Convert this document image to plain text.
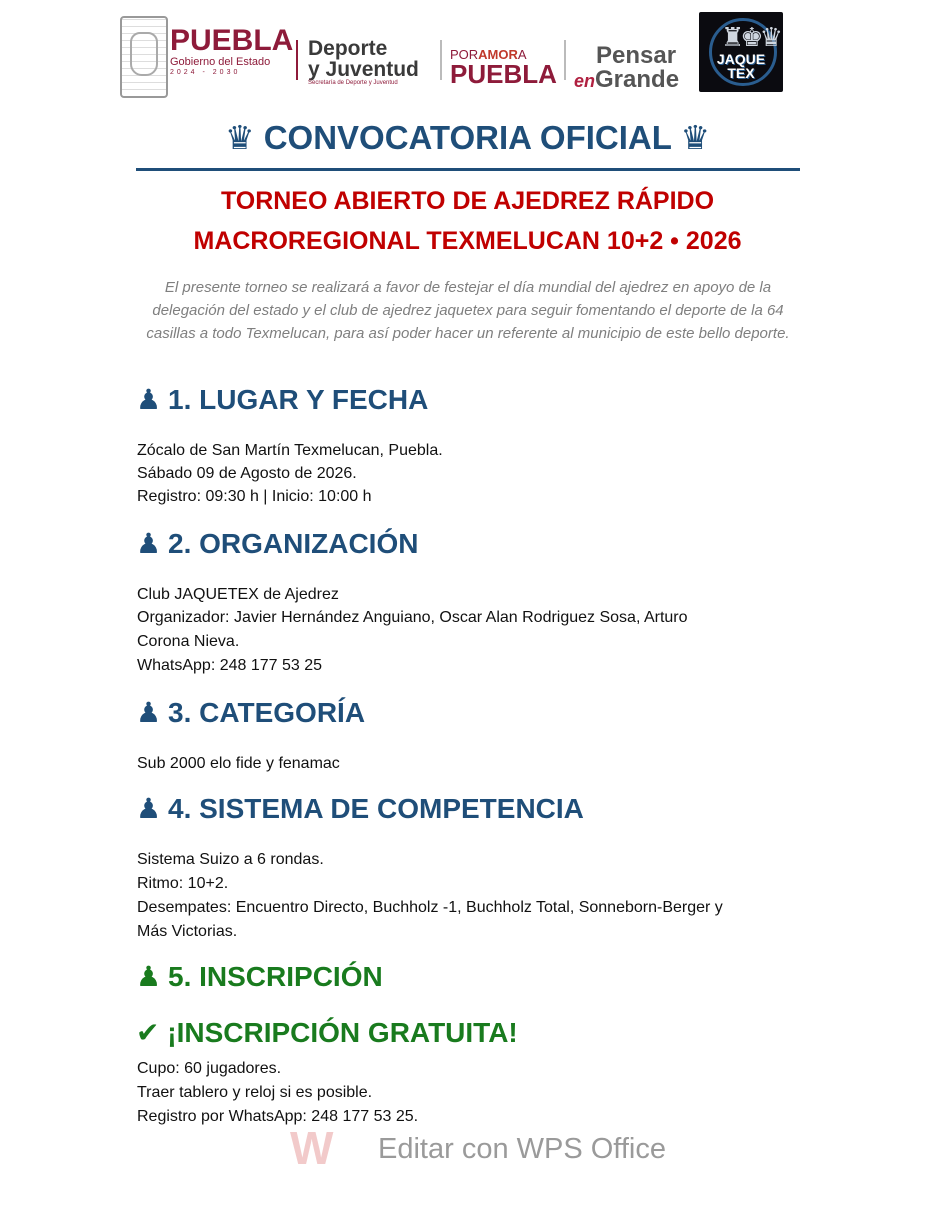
PUEBLA
Gobierno del Estado
2024 - 2030
Deporte
y Juventud
Secretaría de Deporte y Juventud
PORAMORA
PUEBLA
Pensar
enGrande
♜♚♛
JAQUE
TEX
♛ CONVOCATORIA OFICIAL ♛
TORNEO ABIERTO DE AJEDREZ RÁPIDO
MACROREGIONAL TEXMELUCAN 10+2 • 2026
El presente torneo se realizará a favor de festejar el día mundial del ajedrez en apoyo de la delegación del estado y el club de ajedrez jaquetex para seguir fomentando el deporte de la 64 casillas a todo Texmelucan, para así poder hacer un referente al municipio de este bello deporte.
♟ 1. LUGAR Y FECHA
Zócalo de San Martín Texmelucan, Puebla.
Sábado 09 de Agosto de 2026.
Registro: 09:30 h | Inicio: 10:00 h
♟ 2. ORGANIZACIÓN
Club JAQUETEX de Ajedrez
Organizador: Javier Hernández Anguiano, Oscar Alan Rodriguez Sosa, Arturo
Corona Nieva.
WhatsApp: 248 177 53 25
♟ 3. CATEGORÍA
Sub 2000 elo fide y fenamac
♟ 4. SISTEMA DE COMPETENCIA
Sistema Suizo a 6 rondas.
Ritmo: 10+2.
Desempates: Encuentro Directo, Buchholz -1, Buchholz Total, Sonneborn-Berger y
Más Victorias.
♟ 5. INSCRIPCIÓN
✔ ¡INSCRIPCIÓN GRATUITA!
Cupo: 60 jugadores.
Traer tablero y reloj si es posible.
Registro por WhatsApp: 248 177 53 25.
W Editar con WPS Office
